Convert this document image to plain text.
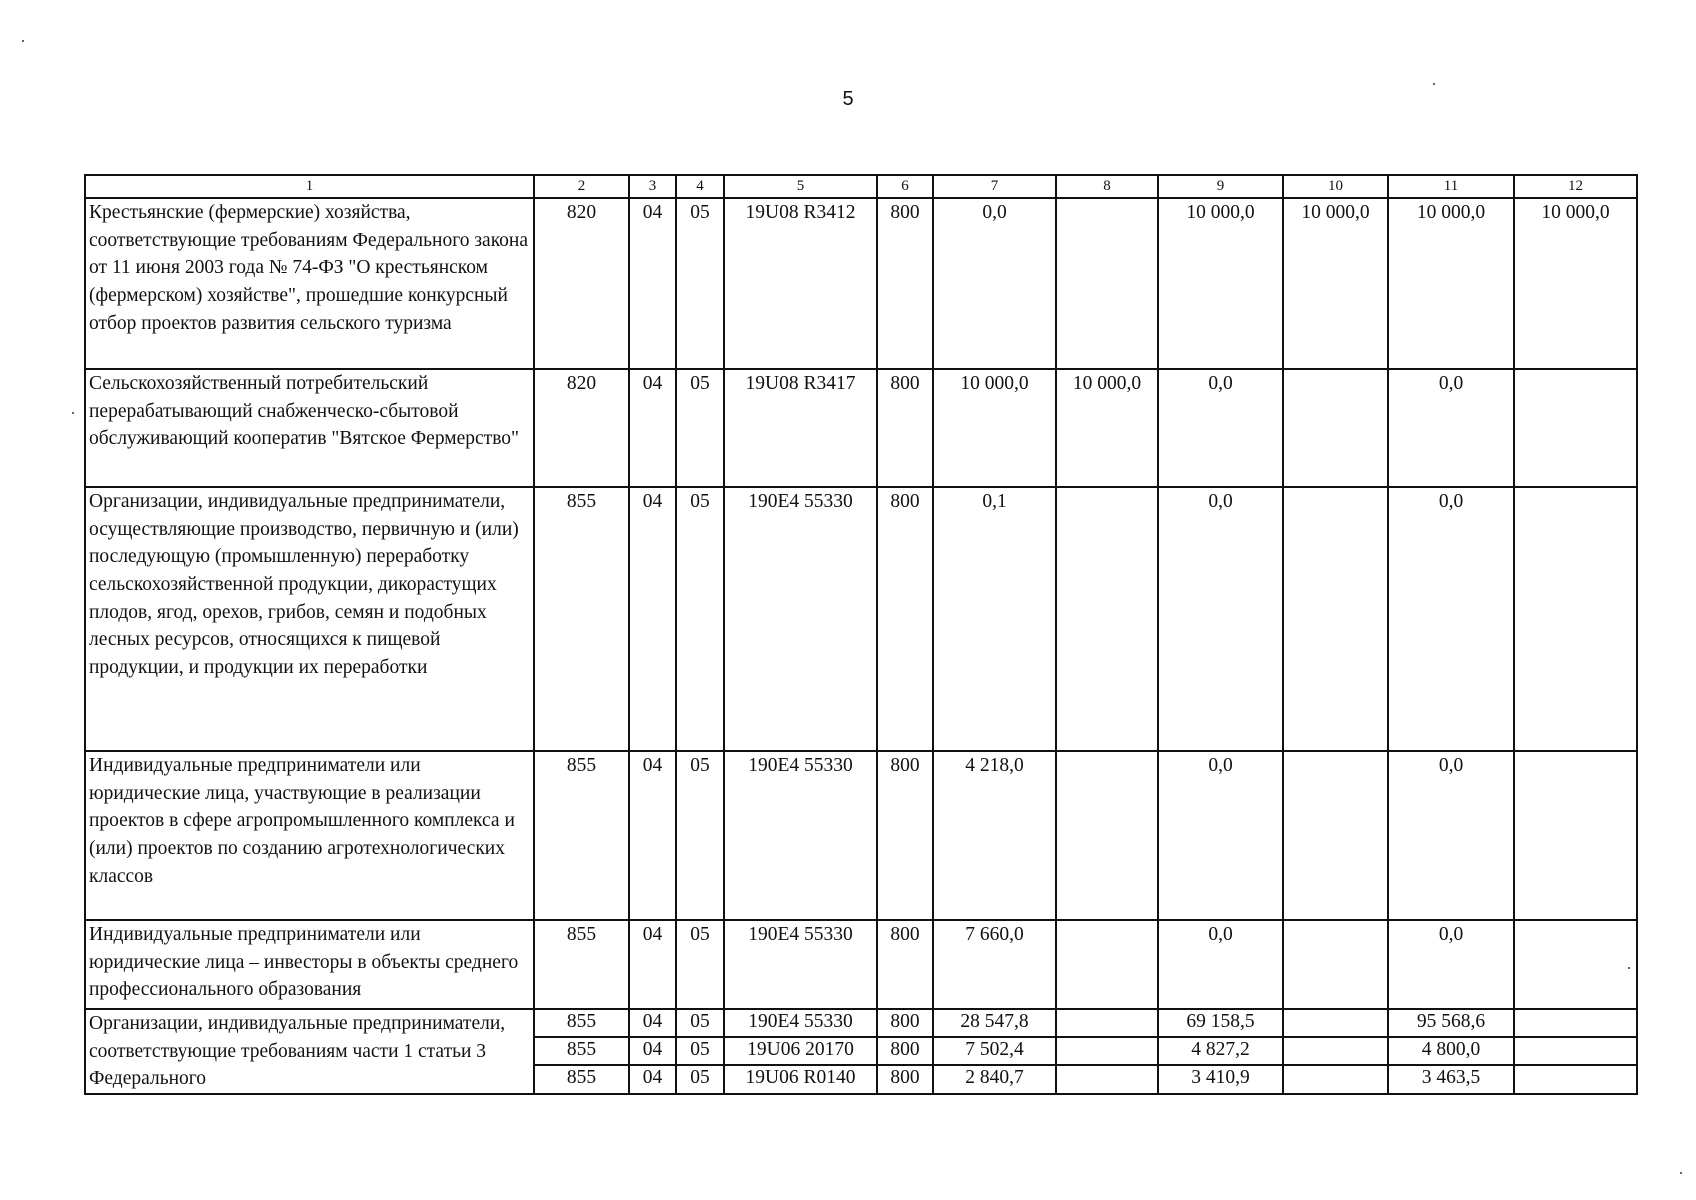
5
1	2	3	4	5	6	7	8	9	10	11	12
Крестьянские (фермерские) хозяйства, соответствующие требованиям Федерального закона от 11 июня 2003 года № 74-ФЗ "О крестьянском (фермерском) хозяйстве", прошедшие конкурсный отбор проектов развития сельского туризма	820	04	05	19U08 R3412	800	0,0		10 000,0	10 000,0	10 000,0	10 000,0
Сельскохозяйственный потребительский перерабатывающий снабженческо-сбытовой обслуживающий кооператив "Вятское Фермерство"	820	04	05	19U08 R3417	800	10 000,0	10 000,0	0,0		0,0	
Организации, индивидуальные предприниматели, осуществляющие производство, первичную и (или) последующую (промышленную) переработку сельскохозяйственной продукции, дикорастущих плодов, ягод, орехов, грибов, семян и подобных лесных ресурсов, относящихся к пищевой продукции, и продукции их переработки	855	04	05	190E4 55330	800	0,1		0,0		0,0	
Индивидуальные предприниматели или юридические лица, участвующие в реализации проектов в сфере агропромышленного комплекса и (или) проектов по созданию агротехнологических классов	855	04	05	190E4 55330	800	4 218,0		0,0		0,0	
Индивидуальные предприниматели или юридические лица – инвесторы в объекты среднего профессионального образования	855	04	05	190E4 55330	800	7 660,0		0,0		0,0	
Организации, индивидуальные предприниматели, соответствующие требованиям части 1 статьи 3 Федерального	855	04	05	190E4 55330	800	28 547,8		69 158,5		95 568,6	
	855	04	05	19U06 20170	800	7 502,4		4 827,2		4 800,0	
	855	04	05	19U06 R0140	800	2 840,7		3 410,9		3 463,5	
